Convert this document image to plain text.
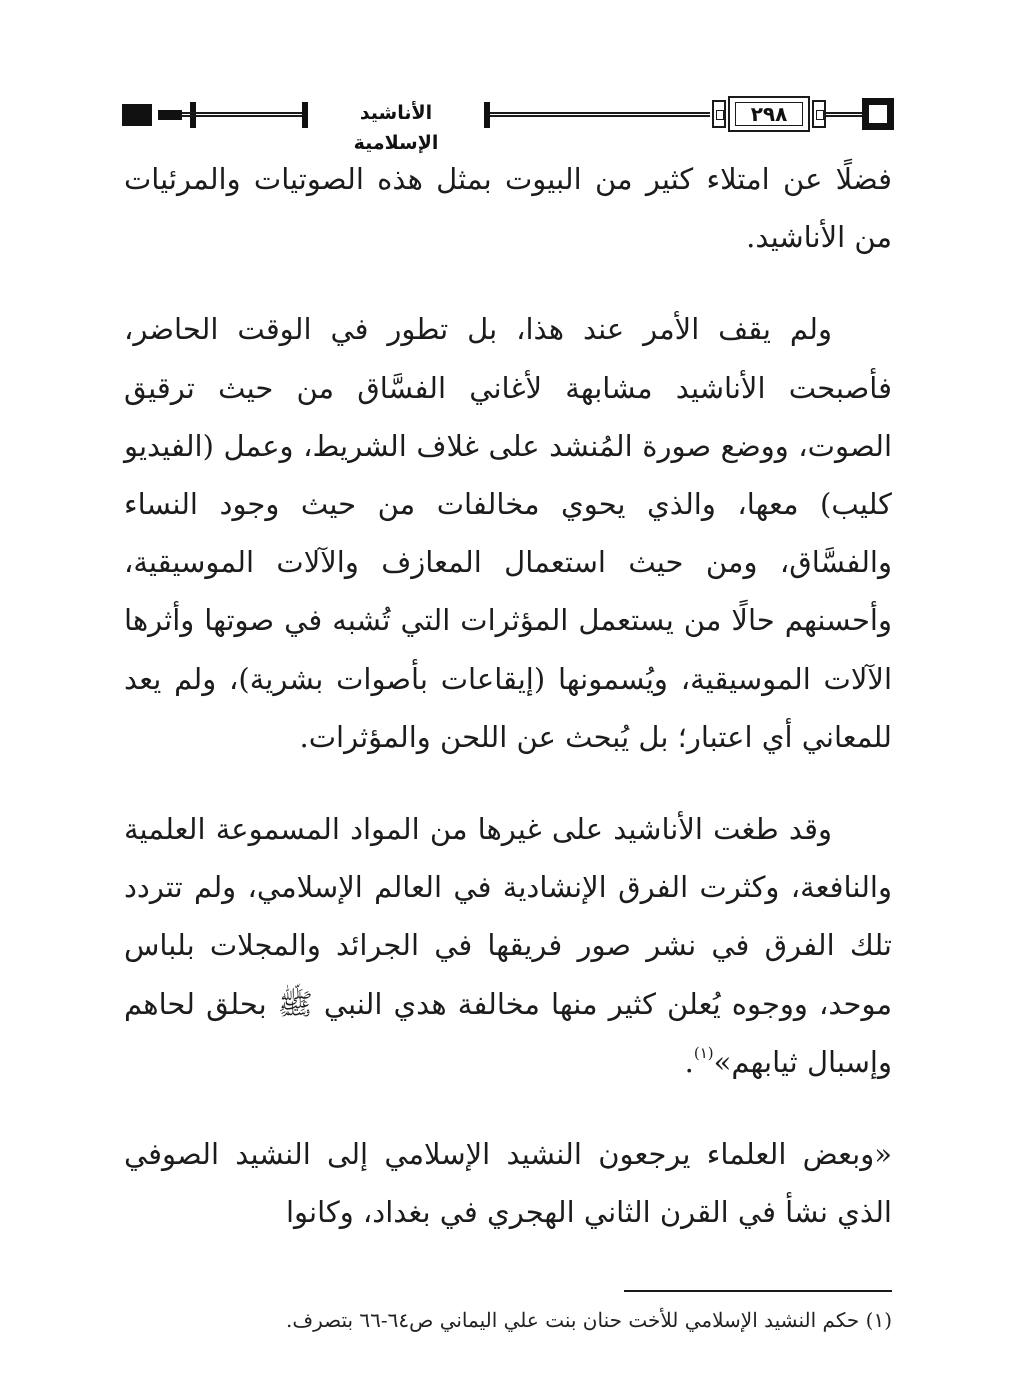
الأناشيد الإسلامية
٢٩٨

فضلًا عن امتلاء كثير من البيوت بمثل هذه الصوتيات والمرئيات من الأناشيد.

ولم يقف الأمر عند هذا، بل تطور في الوقت الحاضر، فأصبحت الأناشيد مشابهة لأغاني الفسَّاق من حيث ترقيق الصوت، ووضع صورة المُنشد على غلاف الشريط، وعمل (الفيديو كليب) معها، والذي يحوي مخالفات من حيث وجود النساء والفسَّاق، ومن حيث استعمال المعازف والآلات الموسيقية، وأحسنهم حالًا من يستعمل المؤثرات التي تُشبه في صوتها وأثرها الآلات الموسيقية، ويُسمونها (إيقاعات بأصوات بشرية)، ولم يعد للمعاني أي اعتبار؛ بل يُبحث عن اللحن والمؤثرات.

وقد طغت الأناشيد على غيرها من المواد المسموعة العلمية والنافعة، وكثرت الفرق الإنشادية في العالم الإسلامي، ولم تتردد تلك الفرق في نشر صور فريقها في الجرائد والمجلات بلباس موحد، ووجوه يُعلن كثير منها مخالفة هدي النبي ﷺ بحلق لحاهم وإسبال ثيابهم»$^{(١)}$.

«وبعض العلماء يرجعون النشيد الإسلامي إلى النشيد الصوفي الذي نشأ في القرن الثاني الهجري في بغداد، وكانوا

(١) حكم النشيد الإسلامي للأخت حنان بنت علي اليماني ص٦٤-٦٦ بتصرف.
